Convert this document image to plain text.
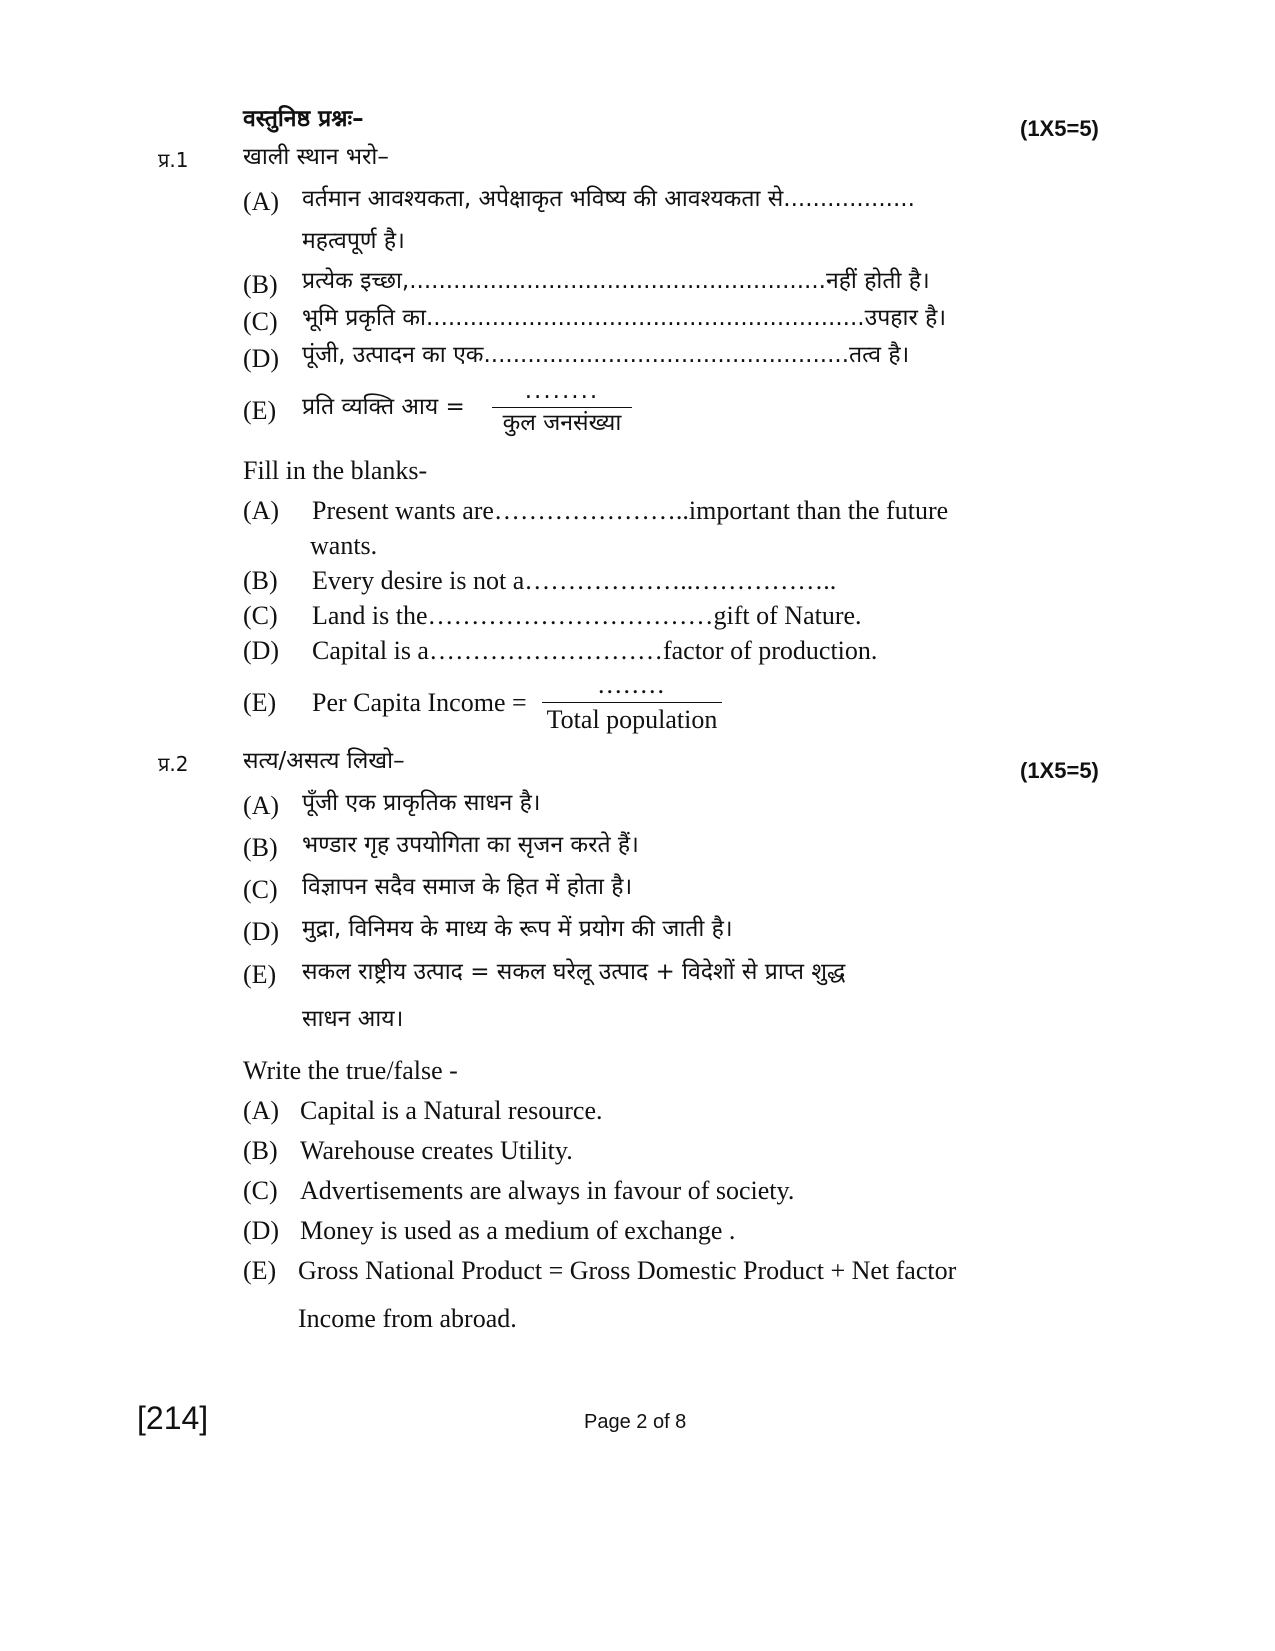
वस्तुनिष्ठ प्रश्नः–	(1X5=5)
प्र.1 खाली स्थान भरो–
(A) वर्तमान आवश्यकता, अपेक्षाकृत भविष्य की आवश्यकता से..................
महत्वपूर्ण है।
(B) प्रत्येक इच्छा,.........................................................नहीं होती है।
(C) भूमि प्रकृति का............................................................उपहार है।
(D) पूंजी, उत्पादन का एक..................................................तत्व है।
(E) प्रति व्यक्ति आय =
........
कुल जनसंख्या
Fill in the blanks-
(A) Present wants are…………………..important than the future
wants.
(B) Every desire is not a………………..……………..
(C) Land is the……………………………gift of Nature.
(D) Capital is a………………………factor of production.
(E) Per Capita Income =
........
Total population
प्र.2 सत्य/असत्य लिखो–	(1X5=5)
(A) पूँजी एक प्राकृतिक साधन है।
(B) भण्डार गृह उपयोगिता का सृजन करते हैं।
(C) विज्ञापन सदैव समाज के हित में होता है।
(D) मुद्रा, विनिमय के माध्य के रूप में प्रयोग की जाती है।
(E) सकल राष्ट्रीय उत्पाद = सकल घरेलू उत्पाद + विदेशों से प्राप्त शुद्ध
साधन आय।
Write the true/false -
(A) Capital is a Natural resource.
(B) Warehouse creates Utility.
(C) Advertisements are always in favour of society.
(D) Money is used as a medium of exchange .
(E) Gross National Product = Gross Domestic Product + Net factor
Income from abroad.
[214]	Page 2 of 8
